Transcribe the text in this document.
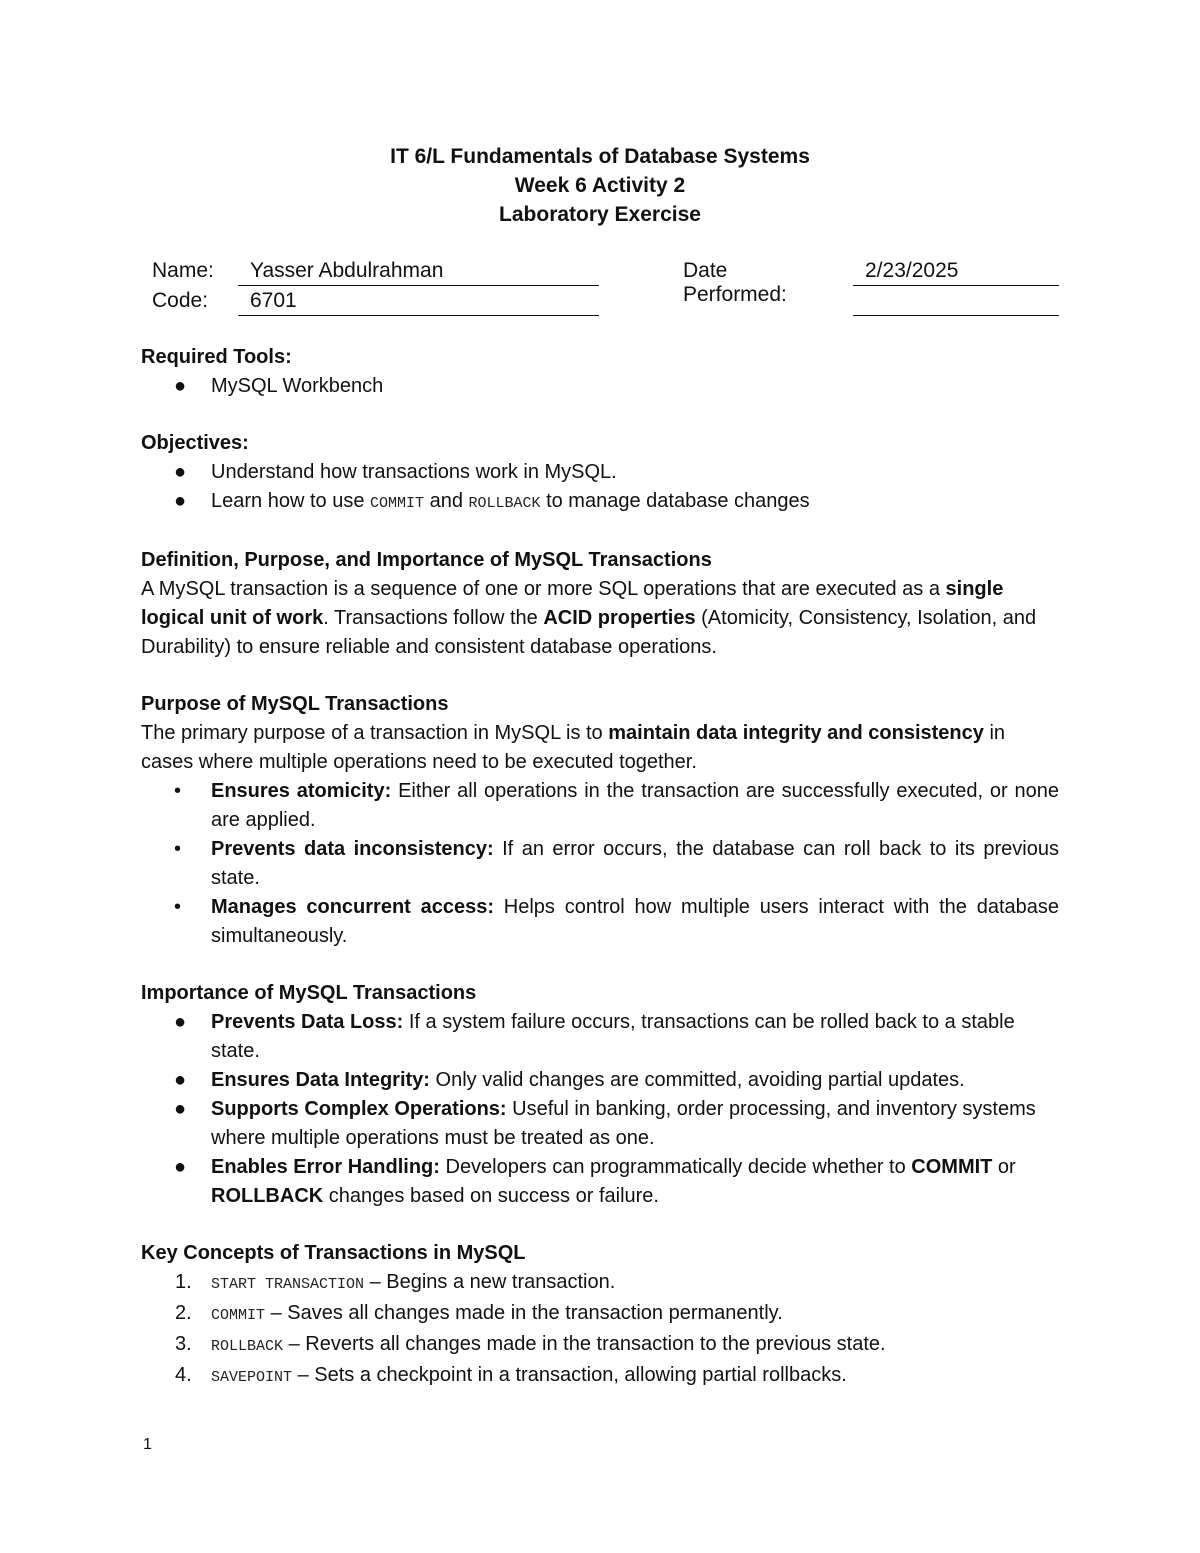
IT 6/L Fundamentals of Database Systems
Week 6 Activity 2
Laboratory Exercise
Name:	Yasser Abdulrahman
Code:	6701
Date Performed:
2/23/2025
Required Tools:
● MySQL Workbench
Objectives:
● Understand how transactions work in MySQL.
● Learn how to use COMMIT and ROLLBACK to manage database changes
Definition, Purpose, and Importance of MySQL Transactions

A MySQL transaction is a sequence of one or more SQL operations that are executed as a single logical unit of work. Transactions follow the ACID properties (Atomicity, Consistency, Isolation, and Durability) to ensure reliable and consistent database operations.

Purpose of MySQL Transactions

The primary purpose of a transaction in MySQL is to maintain data integrity and consistency in cases where multiple operations need to be executed together.

• Ensures atomicity: Either all operations in the transaction are successfully executed, or none are applied.
• Prevents data inconsistency: If an error occurs, the database can roll back to its previous state.
• Manages concurrent access: Helps control how multiple users interact with the database simultaneously.
Importance of MySQL Transactions
● Prevents Data Loss: If a system failure occurs, transactions can be rolled back to a stable state.
● Ensures Data Integrity: Only valid changes are committed, avoiding partial updates.
● Supports Complex Operations: Useful in banking, order processing, and inventory systems where multiple operations must be treated as one.
● Enables Error Handling: Developers can programmatically decide whether to COMMIT or ROLLBACK changes based on success or failure.
Key Concepts of Transactions in MySQL
1. START TRANSACTION – Begins a new transaction.
2. COMMIT – Saves all changes made in the transaction permanently.
3. ROLLBACK – Reverts all changes made in the transaction to the previous state.
4. SAVEPOINT – Sets a checkpoint in a transaction, allowing partial rollbacks.
1
